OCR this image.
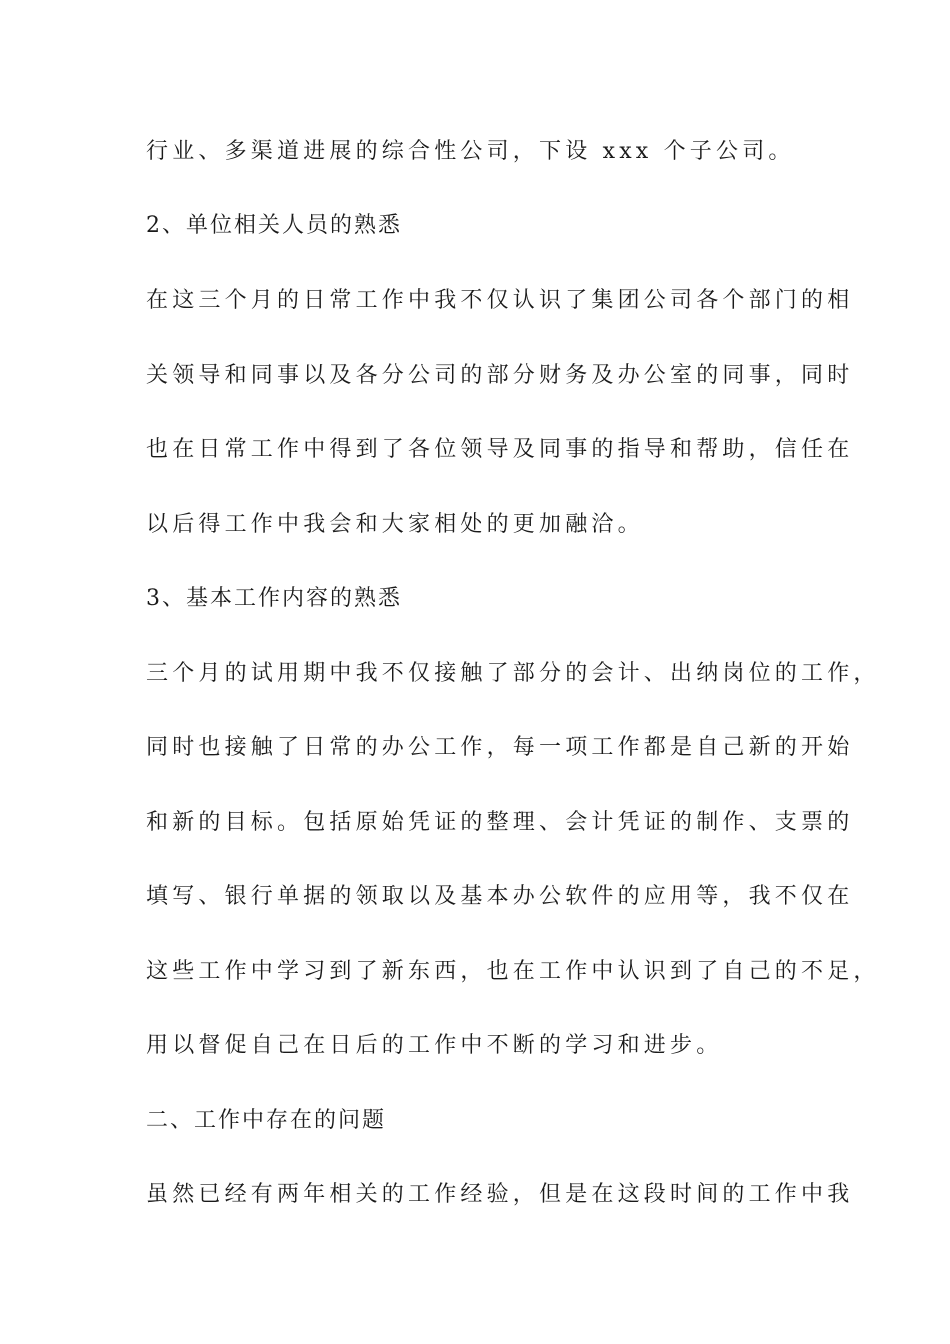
行业、多渠道进展的综合性公司，下设 xxx 个子公司。
2、单位相关人员的熟悉
在这三个月的日常工作中我不仅认识了集团公司各个部门的相
关领导和同事以及各分公司的部分财务及办公室的同事，同时
也在日常工作中得到了各位领导及同事的指导和帮助，信任在
以后得工作中我会和大家相处的更加融洽。
3、基本工作内容的熟悉
三个月的试用期中我不仅接触了部分的会计、出纳岗位的工作，
同时也接触了日常的办公工作，每一项工作都是自己新的开始
和新的目标。包括原始凭证的整理、会计凭证的制作、支票的
填写、银行单据的领取以及基本办公软件的应用等，我不仅在
这些工作中学习到了新东西，也在工作中认识到了自己的不足，
用以督促自己在日后的工作中不断的学习和进步。
二、工作中存在的问题
虽然已经有两年相关的工作经验，但是在这段时间的工作中我
